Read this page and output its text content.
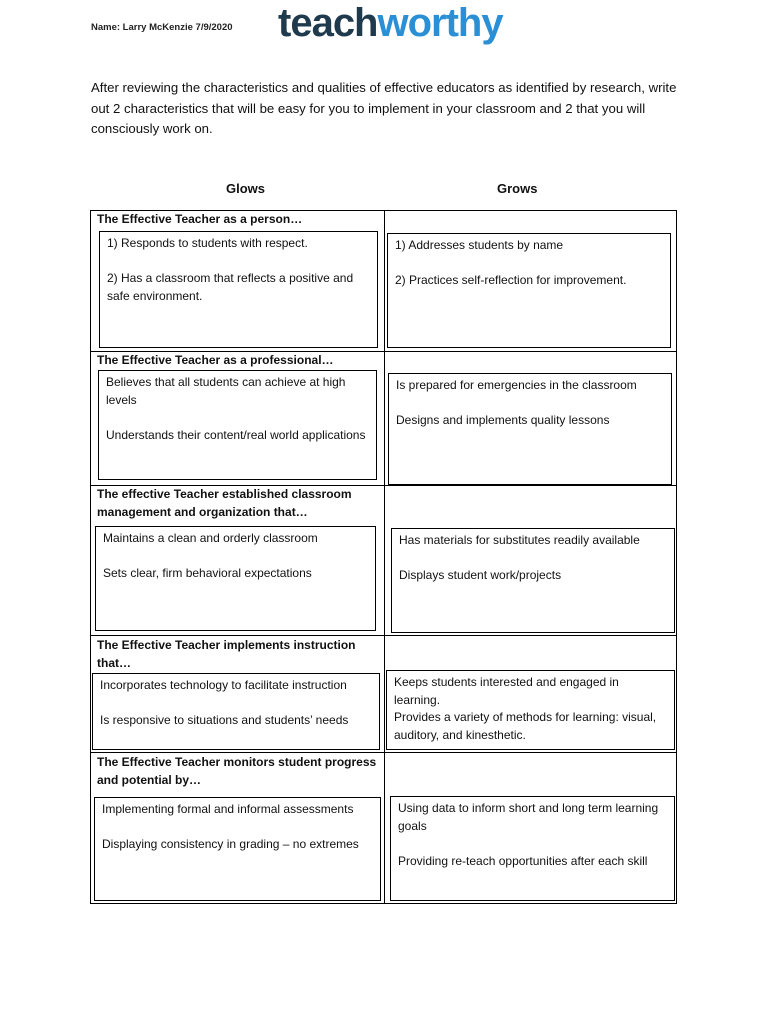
Name: Larry McKenzie 7/9/2020 teachworthy
After reviewing the characteristics and qualities of effective educators as identified by research, write out 2 characteristics that will be easy for you to implement in your classroom and 2 that you will consciously work on.
Glows	Grows
The Effective Teacher as a person…

1) Responds to students with respect.

2) Has a classroom that reflects a positive and safe environment.

1) Addresses students by name

2) Practices self-reflection for improvement.

The Effective Teacher as a professional…

Believes that all students can achieve at high levels

Understands their content/real world applications

Is prepared for emergencies in the classroom

Designs and implements quality lessons

The effective Teacher established classroom management and organization that…

Maintains a clean and orderly classroom

Sets clear, firm behavioral expectations

Has materials for substitutes readily available

Displays student work/projects

The Effective Teacher implements instruction that…

Incorporates technology to facilitate instruction

Is responsive to situations and students’ needs

Keeps students interested and engaged in learning.
Provides a variety of methods for learning: visual, auditory, and kinesthetic.

The Effective Teacher monitors student progress and potential by…

Implementing formal and informal assessments

Displaying consistency in grading – no extremes

Using data to inform short and long term learning goals

Providing re-teach opportunities after each skill
